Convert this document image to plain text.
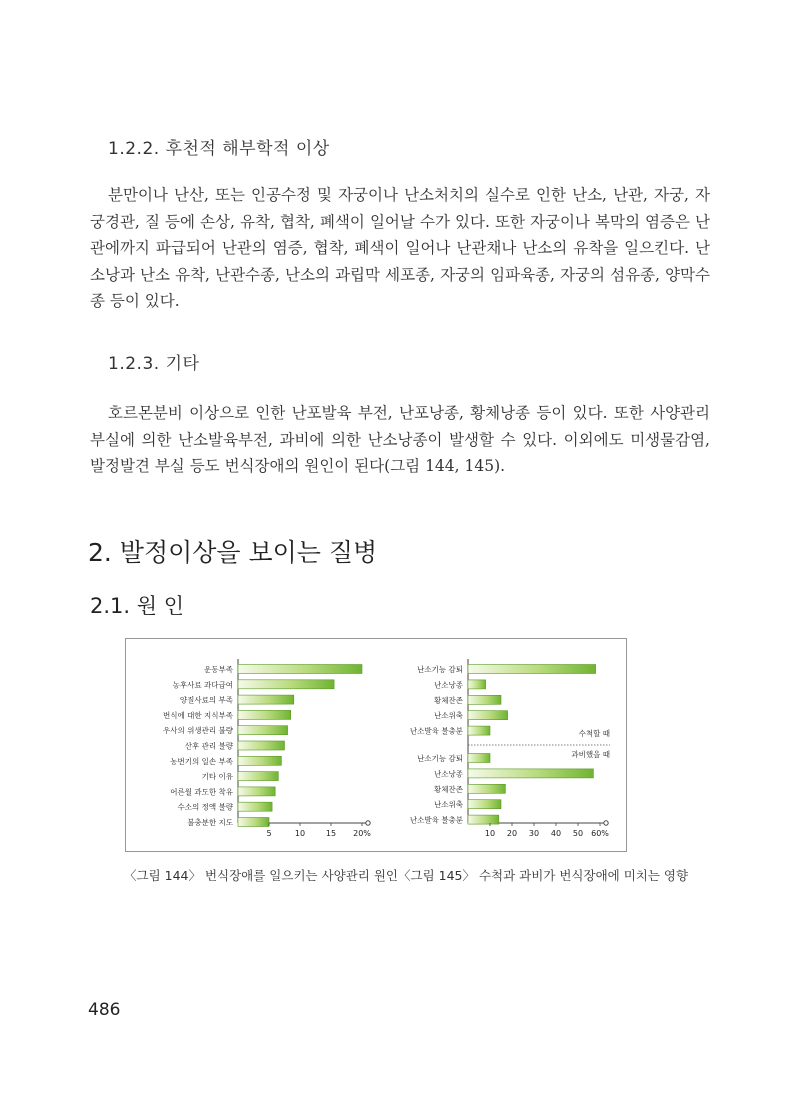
1.2.2. 후천적 해부학적 이상

분만이나 난산, 또는 인공수정 및 자궁이나 난소처치의 실수로 인한 난소, 난관, 자궁, 자궁경관, 질 등에 손상, 유착, 협착, 폐색이 일어날 수가 있다. 또한 자궁이나 복막의 염증은 난관에까지 파급되어 난관의 염증, 협착, 폐색이 일어나 난관채나 난소의 유착을 일으킨다. 난소낭과 난소 유착, 난관수종, 난소의 과립막 세포종, 자궁의 임파육종, 자궁의 섬유종, 양막수종 등이 있다.

1.2.3. 기타

호르몬분비 이상으로 인한 난포발육 부전, 난포낭종, 황체낭종 등이 있다. 또한 사양관리 부실에 의한 난소발육부전, 과비에 의한 난소낭종이 발생할 수 있다. 이외에도 미생물감염, 발정발견 부실 등도 번식장애의 원인이 된다(그림 144, 145).

2. 발정이상을 보이는 질병
2.1. 원 인
운동부족
농후사료 과다급여
양질사료의 부족
번식에 대한 지식부족
우사의 위생관리 불량
산후 관리 불량
농번기의 일손 부족
기타 이유
어른월 과도한 착유
수소의 정액 불량
불충분한 지도
5	10	15 20%
난소기능 감퇴
난소낭종
황체잔존
난소위축
난소발육 불충분
난소기능 감퇴
난소낭종
황체잔존
난소위축
난소발육 불충분
수척할 때
과비했을 때
10 20 30 40 50 60%
〈그림 144〉 번식장애를 일으키는 사양관리 원인 〈그림 145〉 수척과 과비가 번식장애에 미치는 영향
486
